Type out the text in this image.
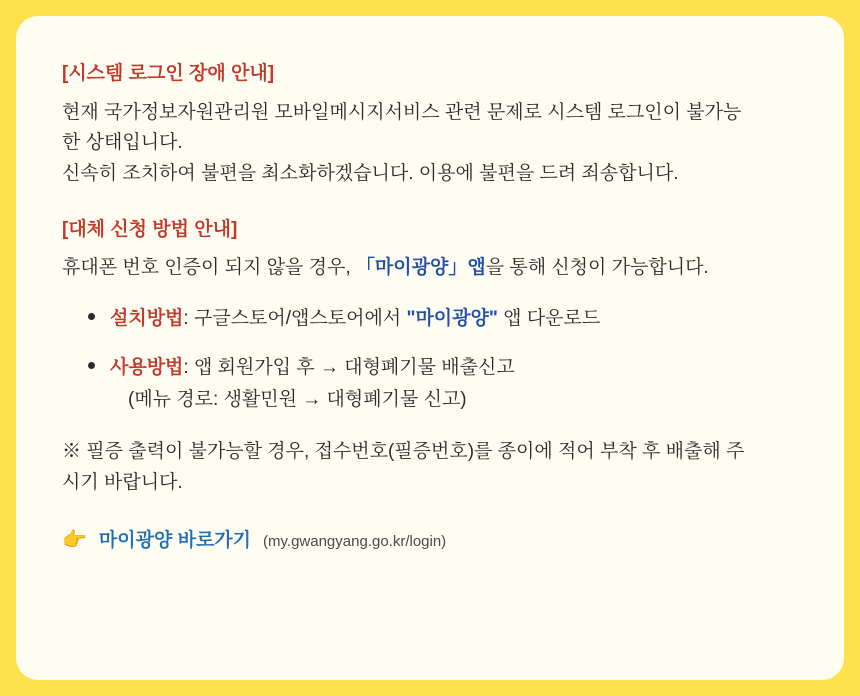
[시스템 로그인 장애 안내]

현재 국가정보자원관리원 모바일메시지서비스 관련 문제로 시스템 로그인이 불가능

한 상태입니다.

신속히 조치하여 불편을 최소화하겠습니다. 이용에 불편을 드려 죄송합니다.

[대체 신청 방법 안내]

휴대폰 번호 인증이 되지 않을 경우, 「마이광양」앱을 통해 신청이 가능합니다.

설치방법: 구글스토어/앱스토어에서 "마이광양" 앱 다운로드
사용방법: 앱 회원가입 후 → 대형폐기물 배출신고
(메뉴 경로: 생활민원 → 대형폐기물 신고)

※ 필증 출력이 불가능할 경우, 접수번호(필증번호)를 종이에 적어 부착 후 배출해 주

시기 바랍니다.

👉 마이광양 바로가기 (my.gwangyang.go.kr/login)
